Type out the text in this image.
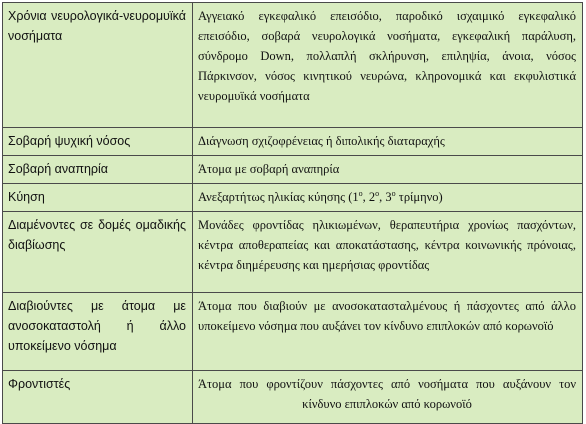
Χρόνια νευρολογικά-νευρομυϊκά νοσήματα	Αγγειακό εγκεφαλικό επεισόδιο, παροδικό ισχαιμικό εγκεφαλικό επεισόδιο, σοβαρά νευρολογικά νοσήματα, εγκεφαλική παράλυση, σύνδρομο Down, πολλαπλή σκλήρυνση, επιληψία, άνοια, νόσος Πάρκινσον, νόσος κινητικού νευρώνα, κληρονομικά και εκφυλιστικά νευρομυϊκά νοσήματα
Σοβαρή ψυχική νόσος	Διάγνωση σχιζοφρένειας ή διπολικής διαταραχής
Σοβαρή αναπηρία	Άτομα με σοβαρή αναπηρία
Κύηση	Ανεξαρτήτως ηλικίας κύησης ($1^o$, $2^o$, $3^o$ τρίμηνο)
Διαμένοντες σε δομές ομαδικής διαβίωσης	Μονάδες φροντίδας ηλικιωμένων, θεραπευτήρια χρονίως πασχόντων, κέντρα αποθεραπείας και αποκατάστασης, κέντρα κοινωνικής πρόνοιας, κέντρα διημέρευσης και ημερήσιας φροντίδας
Διαβιούντες με άτομα με ανοσοκαταστολή ή άλλο υποκείμενο νόσημα	Άτομα που διαβιούν με ανοσοκατασταλμένους ή πάσχοντες από άλλο υποκείμενο νόσημα που αυξάνει τον κίνδυνο επιπλοκών από κορωνοϊό
Φροντιστές	Άτομα που φροντίζουν πάσχοντες από νοσήματα που αυξάνουν τον κίνδυνο επιπλοκών από κορωνοϊό
